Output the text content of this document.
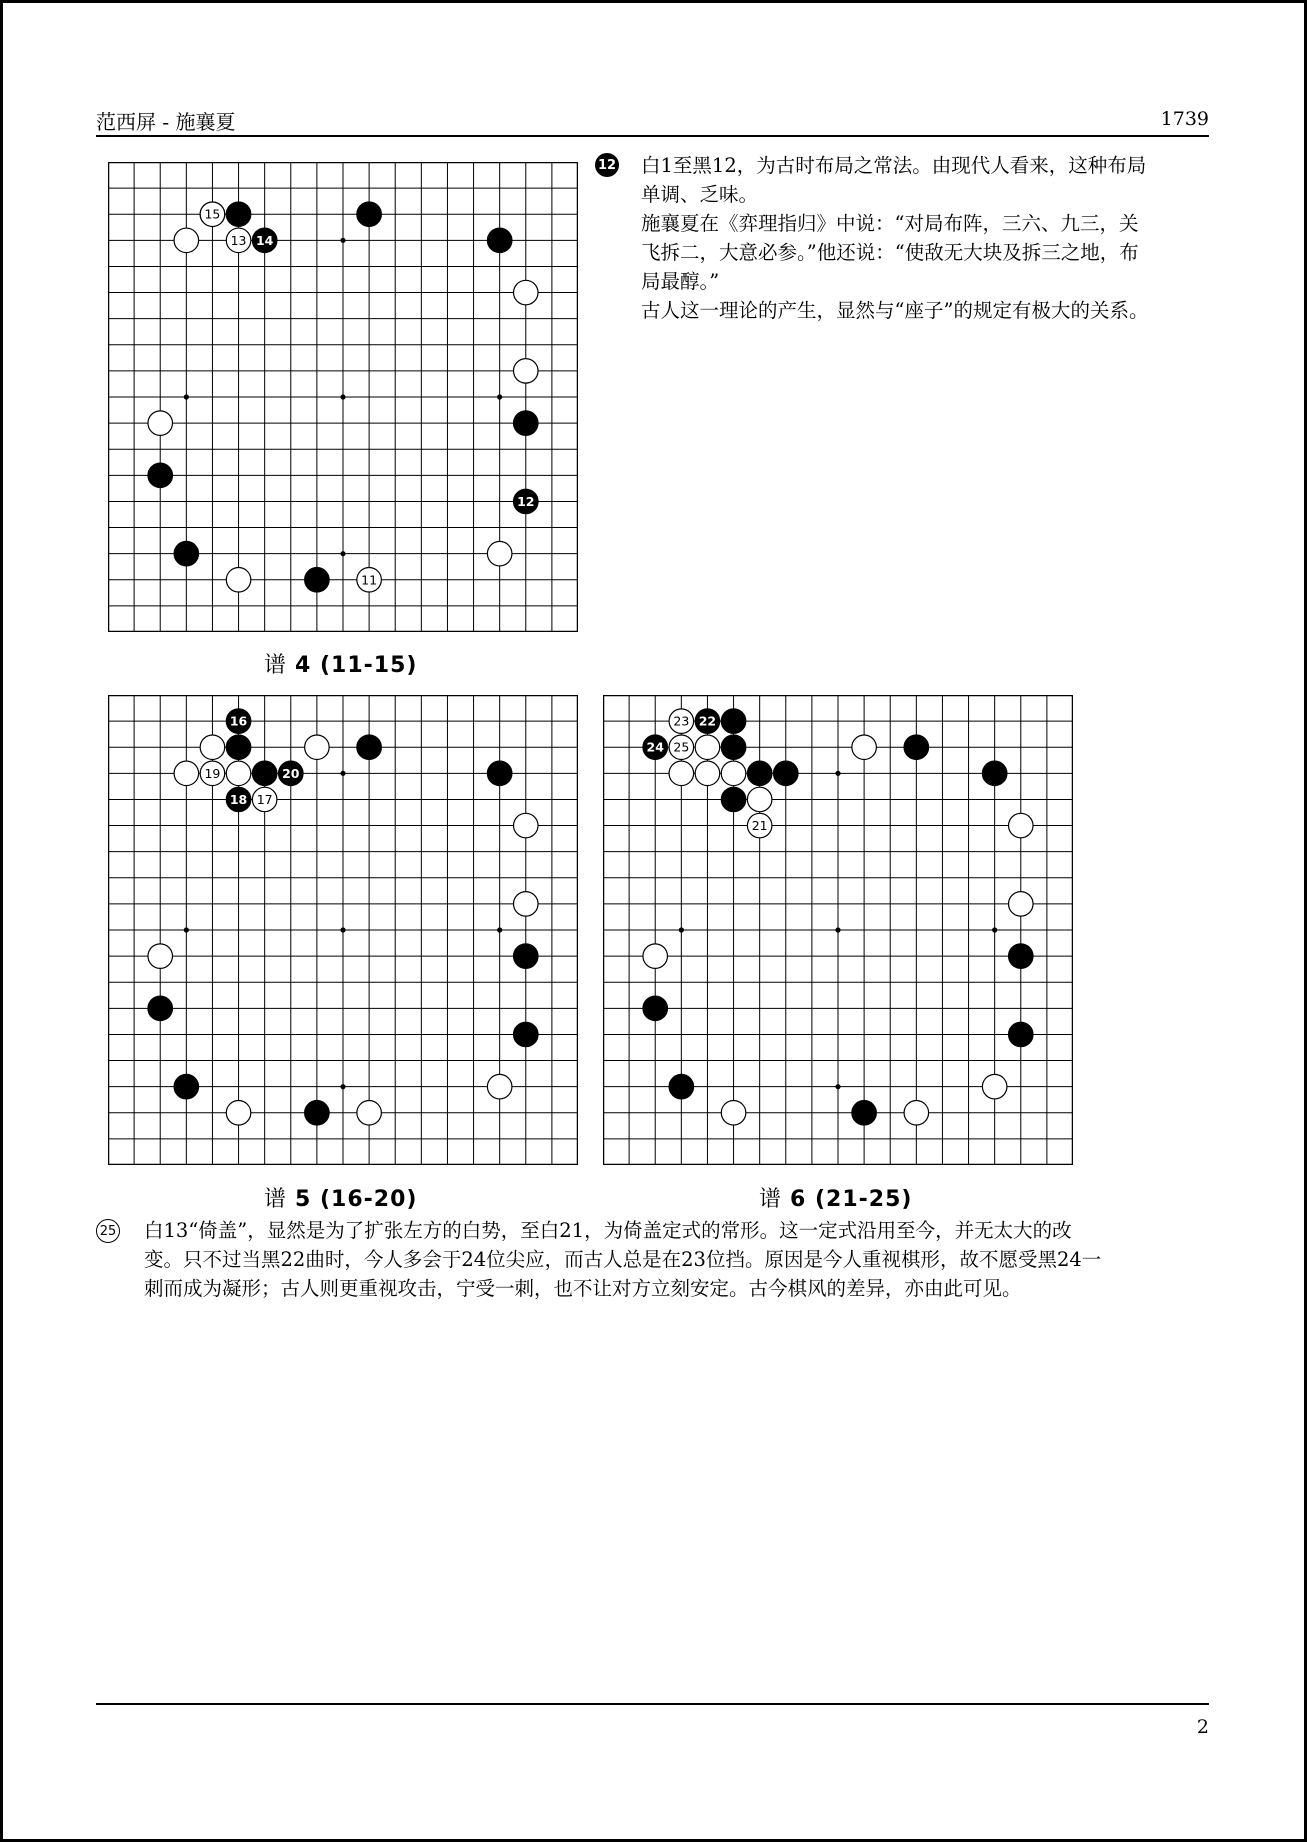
范西屏 - 施襄夏	1739
12
11
13 14
15
谱 4 (11-15)
12 白1至黑12，为古时布局之常法。由现代人看来，这种布局

单调、乏味。

施襄夏在《弈理指归》中说：“对局布阵，三六、九三，关

飞拆二，大意必参。”他还说：“使敌无大块及拆三之地，布

局最醇。”

古人这一理论的产生，显然与“座子”的规定有极大的关系。

16
19	20
18 17
谱 5 (16-20)
23 22
24 25
21
谱 6 (21-25)
25 白13“倚盖”，显然是为了扩张左方的白势，至白21，为倚盖定式的常形。这一定式沿用至今，并无太大的改

变。只不过当黑22曲时，今人多会于24位尖应，而古人总是在23位挡。原因是今人重视棋形，故不愿受黑24一

刺而成为凝形；古人则更重视攻击，宁受一刺，也不让对方立刻安定。古今棋风的差异，亦由此可见。

2
